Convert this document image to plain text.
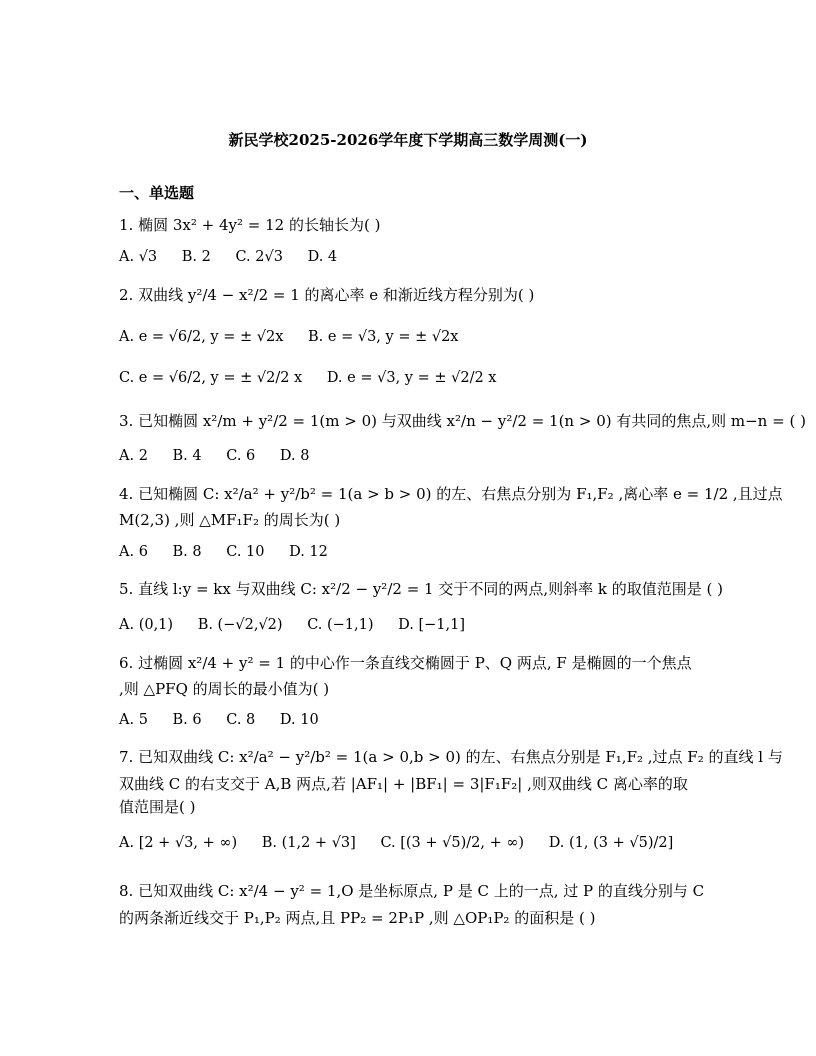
新民学校2025-2026学年度下学期高三数学周测(一)
一、单选题
1. 椭圆 3x² + 4y² = 12 的长轴长为( )
A. √3 B. 2 C. 2√3 D. 4
2. 双曲线 y²/4 − x²/2 = 1 的离心率 e 和渐近线方程分别为( )
A. e = √6/2, y = ± √2x B. e = √3, y = ± √2x
C. e = √6/2, y = ± √2/2 x D. e = √3, y = ± √2/2 x
3. 已知椭圆 x²/m + y²/2 = 1(m > 0) 与双曲线 x²/n − y²/2 = 1(n > 0) 有共同的焦点,则 m−n = ( )
A. 2 B. 4 C. 6 D. 8
4. 已知椭圆 C: x²/a² + y²/b² = 1(a > b > 0) 的左、右焦点分别为 F₁,F₂ ,离心率 e = 1/2 ,且过点
M(2,3) ,则 △MF₁F₂ 的周长为( )
A. 6 B. 8 C. 10 D. 12
5. 直线 l:y = kx 与双曲线 C: x²/2 − y²/2 = 1 交于不同的两点,则斜率 k 的取值范围是 ( )
A. (0,1) B. (−√2,√2) C. (−1,1) D. [−1,1]
6. 过椭圆 x²/4 + y² = 1 的中心作一条直线交椭圆于 P、Q 两点, F 是椭圆的一个焦点
,则 △PFQ 的周长的最小值为( )
A. 5 B. 6 C. 8 D. 10
7. 已知双曲线 C: x²/a² − y²/b² = 1(a > 0,b > 0) 的左、右焦点分别是 F₁,F₂ ,过点 F₂ 的直线 l 与
双曲线 C 的右支交于 A,B 两点,若 |AF₁| + |BF₁| = 3|F₁F₂| ,则双曲线 C 离心率的取
值范围是( )
A. [2 + √3, + ∞) B. (1,2 + √3] C. [(3 + √5)/2, + ∞) D. (1, (3 + √5)/2]
8. 已知双曲线 C: x²/4 − y² = 1,O 是坐标原点, P 是 C 上的一点, 过 P 的直线分别与 C
的两条渐近线交于 P₁,P₂ 两点,且 PP₂ = 2P₁P ,则 △OP₁P₂ 的面积是 ( )
